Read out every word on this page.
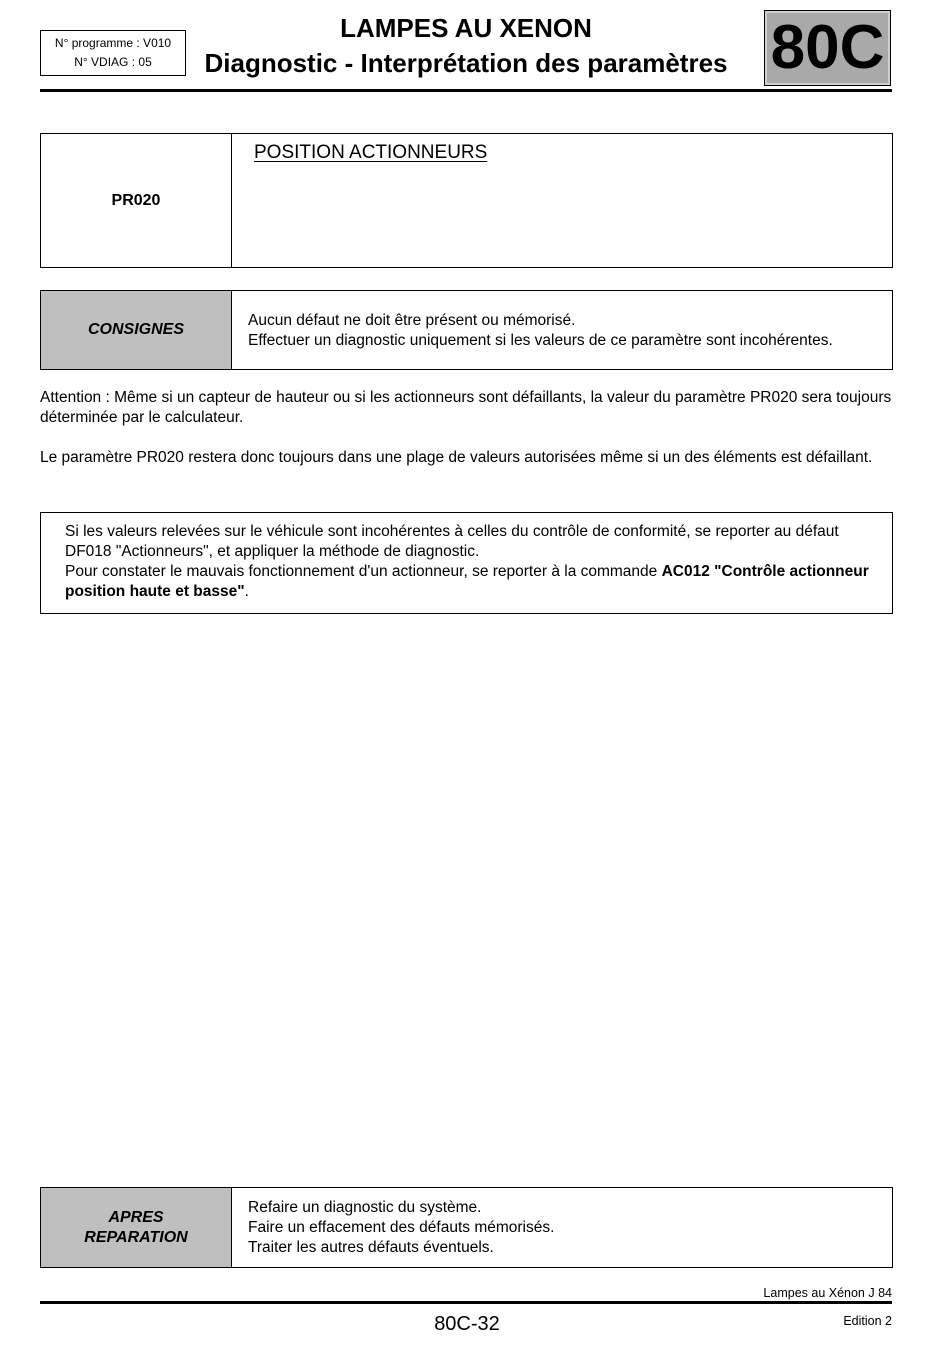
N° programme : V010
N° VDIAG : 05
LAMPES AU XENON
Diagnostic - Interprétation des paramètres 80C
PR020
POSITION ACTIONNEURS
CONSIGNES
Aucun défaut ne doit être présent ou mémorisé.
Effectuer un diagnostic uniquement si les valeurs de ce paramètre sont incohérentes.
Attention : Même si un capteur de hauteur ou si les actionneurs sont défaillants, la valeur du paramètre PR020 sera toujours déterminée par le calculateur.
Le paramètre PR020 restera donc toujours dans une plage de valeurs autorisées même si un des éléments est défaillant.
Si les valeurs relevées sur le véhicule sont incohérentes à celles du contrôle de conformité, se reporter au défaut DF018 "Actionneurs", et appliquer la méthode de diagnostic.
Pour constater le mauvais fonctionnement d'un actionneur, se reporter à la commande AC012 "Contrôle actionneur position haute et basse".
APRES
REPARATION
Refaire un diagnostic du système.
Faire un effacement des défauts mémorisés.
Traiter les autres défauts éventuels.
Lampes au Xénon J 84
80C-32	Edition 2
